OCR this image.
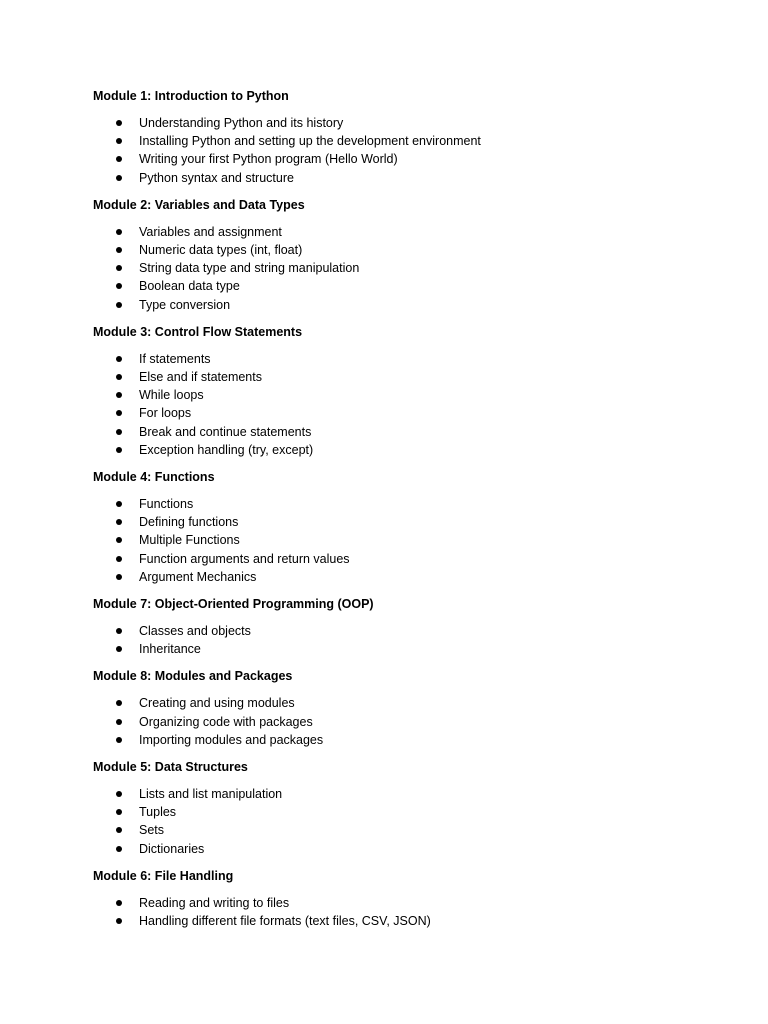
Module 1: Introduction to Python
Understanding Python and its history
Installing Python and setting up the development environment
Writing your first Python program (Hello World)
Python syntax and structure
Module 2: Variables and Data Types
Variables and assignment
Numeric data types (int, float)
String data type and string manipulation
Boolean data type
Type conversion
Module 3: Control Flow Statements
If statements
Else and if statements
While loops
For loops
Break and continue statements
Exception handling (try, except)
Module 4: Functions
Functions
Defining functions
Multiple Functions
Function arguments and return values
Argument Mechanics
Module 7: Object-Oriented Programming (OOP)
Classes and objects
Inheritance
Module 8: Modules and Packages
Creating and using modules
Organizing code with packages
Importing modules and packages
Module 5: Data Structures
Lists and list manipulation
Tuples
Sets
Dictionaries
Module 6: File Handling
Reading and writing to files
Handling different file formats (text files, CSV, JSON)
